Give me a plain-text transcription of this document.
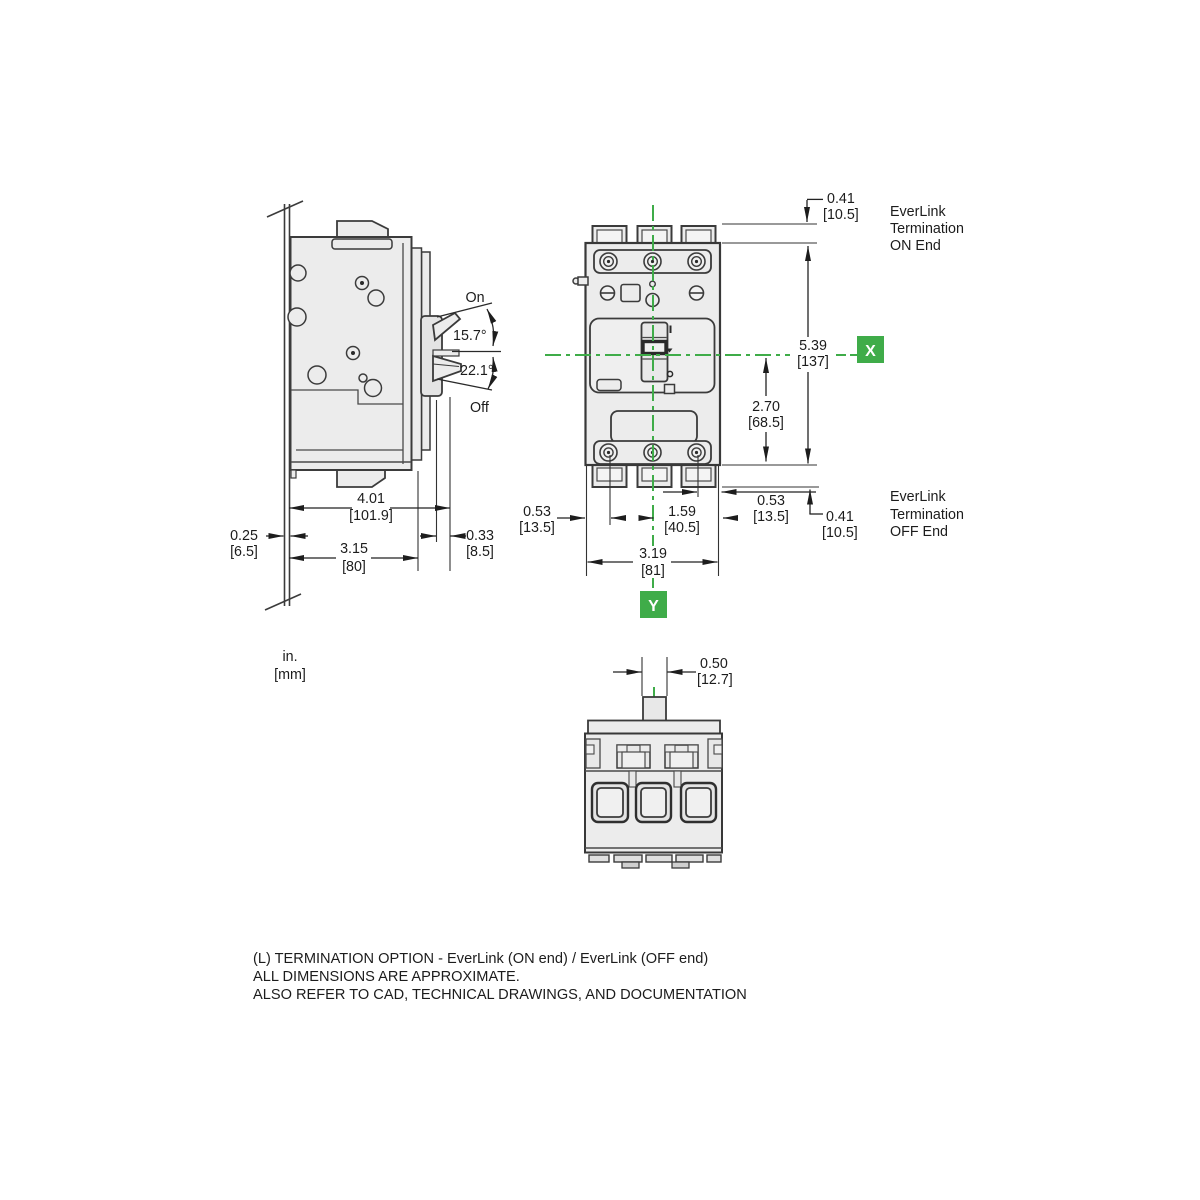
On
15.7°
22.1°
Off
4.01
[101.9]
0.25
[6.5]	3.15
[80]
0.33
[8.5]
in.
[mm]
0.41
[10.5]
5.39
[137]
2.70
[68.5]
0.53
[13.5]	0.41
[10.5]
0.53
[13.5]
1.59
[40.5]
3.19
[81]
X
Y
EverLink
Termination
ON End
EverLink
Termination
OFF End
0.50
[12.7]
(L) TERMINATION OPTION - EverLink (ON end) / EverLink (OFF end)
ALL DIMENSIONS ARE APPROXIMATE.
ALSO REFER TO CAD, TECHNICAL DRAWINGS, AND DOCUMENTATION
